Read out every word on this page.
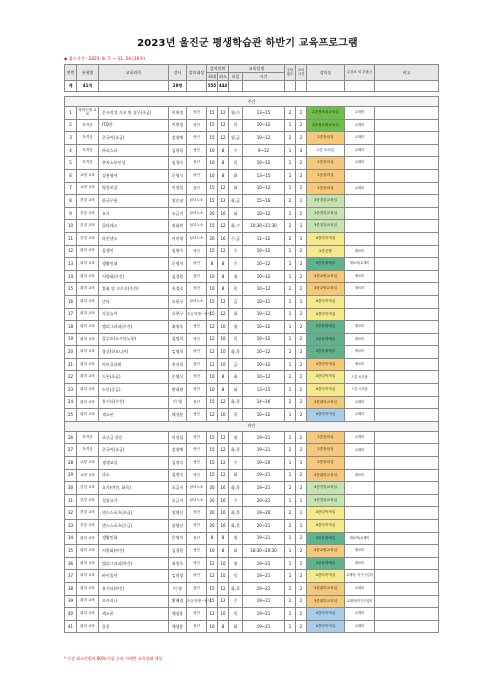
2023년 울진군 평생학습관 하반기 교육프로그램
◆ 접수기간 : 2023. 8. 7. ~ 11. 24.(16주)
연번	유형별	교육과목	강사	강의대상	강의인원		교육일정		주당 횟수	교육 시간	강의실	수강료 외 부담금	비고
					최대	최소	요일	시간					
계	41개		28명		555	444							

주간													
1	학력인정 교육	문서작성 기초 및 실무(초급)	이원정	성인	15	12	월,수	13~15	2	2	2층정보화교육실	교재비	
2	자격증	ITQ한	이원정	성인	15	12	목	10~12	1	2	2층정보화교육실	교재비	
3	자격증	중국어(초급)	장향매	성인	15	12	월,금	10~12	2	2	2층강의실	교재비	
4	자격증	바리스타	김향희	성인	10	8	수	9~12	1	3	1층 조리실	교재비	
5	자격증	풍차소통인성	임경숙	성인	10	8	목	10~12	1	2	2층강의실	교재비	
6	교양 교육	실용영어	문영식	성인	10	8	화	13~15	1	2	2층강의실		
7	교양 교육	영상보감	이정섭	성인	15	12	화	10~12	1	2	2층강의실	교재비	
8	건강 교육	한국무용	장순남	남녀노소	15	12	화,금	15~16	2	1	3층건강교육실		
9	건강 교육	요가	오금지	남녀노소	20	16	화	10~12	1	2	3층건강교육실		
10	건강 교육	필라테스	권화연	남녀노소	15	12	화,수	10:30~11:30	2	1	3층건강교육실		
11	건강 교육	라인댄스	이미영	남녀노소	20	16	수,금	11~12	2	1	4층다목적실		
12	취미 교육	몸챙이	임영숙	성인	15	12	수	10~12	1	2	2층공방	재료비	
13	취미 교육	생활민화	문영미	성인	8	8	수	10~12	1	2	3층문화예술	재료비/교재비	
14	취미 교육	서양화(주간)	김경원	성인	10	8	월	10~12	1	2	3층교양교육실	재료비	
15	취미 교육	휴화 및 크로키(주간)	홍경호	성인	10	8	목	10~12	1	2	3층교양교육실	재료비	
16	취미 교육	난타	오현구	남녀노소	15	12	금	10~11	1	1	4층다목적실		
17	취미 교육	사물놀이	오현구	초등학생~성인	15	12	화	10~12	1	2	4층다목적실		
18	취미 교육	캘리그라피(주간)	최정욱	성인	12	10	월	10~12	1	2	3층문화예술	재료비	
19	취미 교육	플루트(소프라노통)	김명희	성인	12	10	목	10~12	1	2	3층문화예술	재료비	
20	취미 교육	창규(하모니카)	김명희	성인	12	10	화,목	10~12	2	2	3층문화예술	재료비	
21	취미 교육	아트플라워	홍선희	성인	12	10	금	10~12	1	2	3층다목적실	재료비	
22	취미 교육	드론(초급)	문영식	성인	10	8	화	10~12	1	2	4층다목적실	드론 소모품	
23	취미 교육	드론(중급)	박대현	성인	10	8	화	13~15	1	2	4층다목적실	드론 소모품	
24	취미 교육	통기타(주간)	이 영	성인	15	12	화,목	14~16	2	2	3층취미교육실	교재비	
25	취미 교육	색소폰	채성용	성인	12	10	목	10~12	1	2	4층다목적실	교재비	
야간													
26	자격증	초중급 한문	이정섭	성인	15	12	월	19~21	1	2	2층강의실	교재비	
27	자격증	중국어(초급)	장향매	성인	15	12	화,목	19~21	2	2	2층강의실	교재비	
28	교양 교육	생생교실	김정숙	성인	15	12	수	19~20	1	1	2층강의실		
29	교양 교육	다도	김정숙	성인	15	12	화	19~21	1	2	3층취미교육실	재료비	
30	건강 교육	요가(야간, 화목)	오금지	남녀노소	20	16	화,목	19~21	2	2	3층건강교육실		
31	건강 교육	힐링요가	오금지	남녀노소	20	16	수	20~21	1	1	3층건강교육실		
32	건강 교육	댄스스포츠(초급)	장영선	성인	20	16	화,목	19~20	2	1	4층다목적실		
33	건강 교육	댄스스포츠(중급)	장영선	성인	20	16	화,목	20~21	2	1	4층다목적실		
34	취미 교육	생활민화	문영미	성인	8	8	월	19~21	1	2	3층문화예술	재료비/교재비	
35	취미 교육	서양화(야간)	김경원	성인	10	8	화	18:30~20:30	1	2	3층교양교육실	재료비	
36	취미 교육	캘리그라피(야간)	최정욱	성인	12	10	월	19~21	1	2	3층문화예술	재료비	
37	취미 교육	바이올린	김희정	성인	12	10	목	19~21	1	2	4층다목적실	교재비, 악기구입비	
38	취미 교육	통기타(야간)	이 영	성인	15	12	화,목	19~21	2	2	3층취미교육실	교재비	
39	취미 교육	오카리나	황혜경	초등학생~성인	15	12	수	19~21	1	2	3층취미교육실	교재비/악기구입비	
40	취미 교육	색소폰	채성용	성인	12	10	목	19~21	1	2	4층다목적실	교재비	
41	취미 교육	플룻	채성용	성인	10	8	화	19~21	1	2	4층다목적실	교재비	
* 수강 최소인원의 80% 이상 등록 시에만 교육강좌 개설
